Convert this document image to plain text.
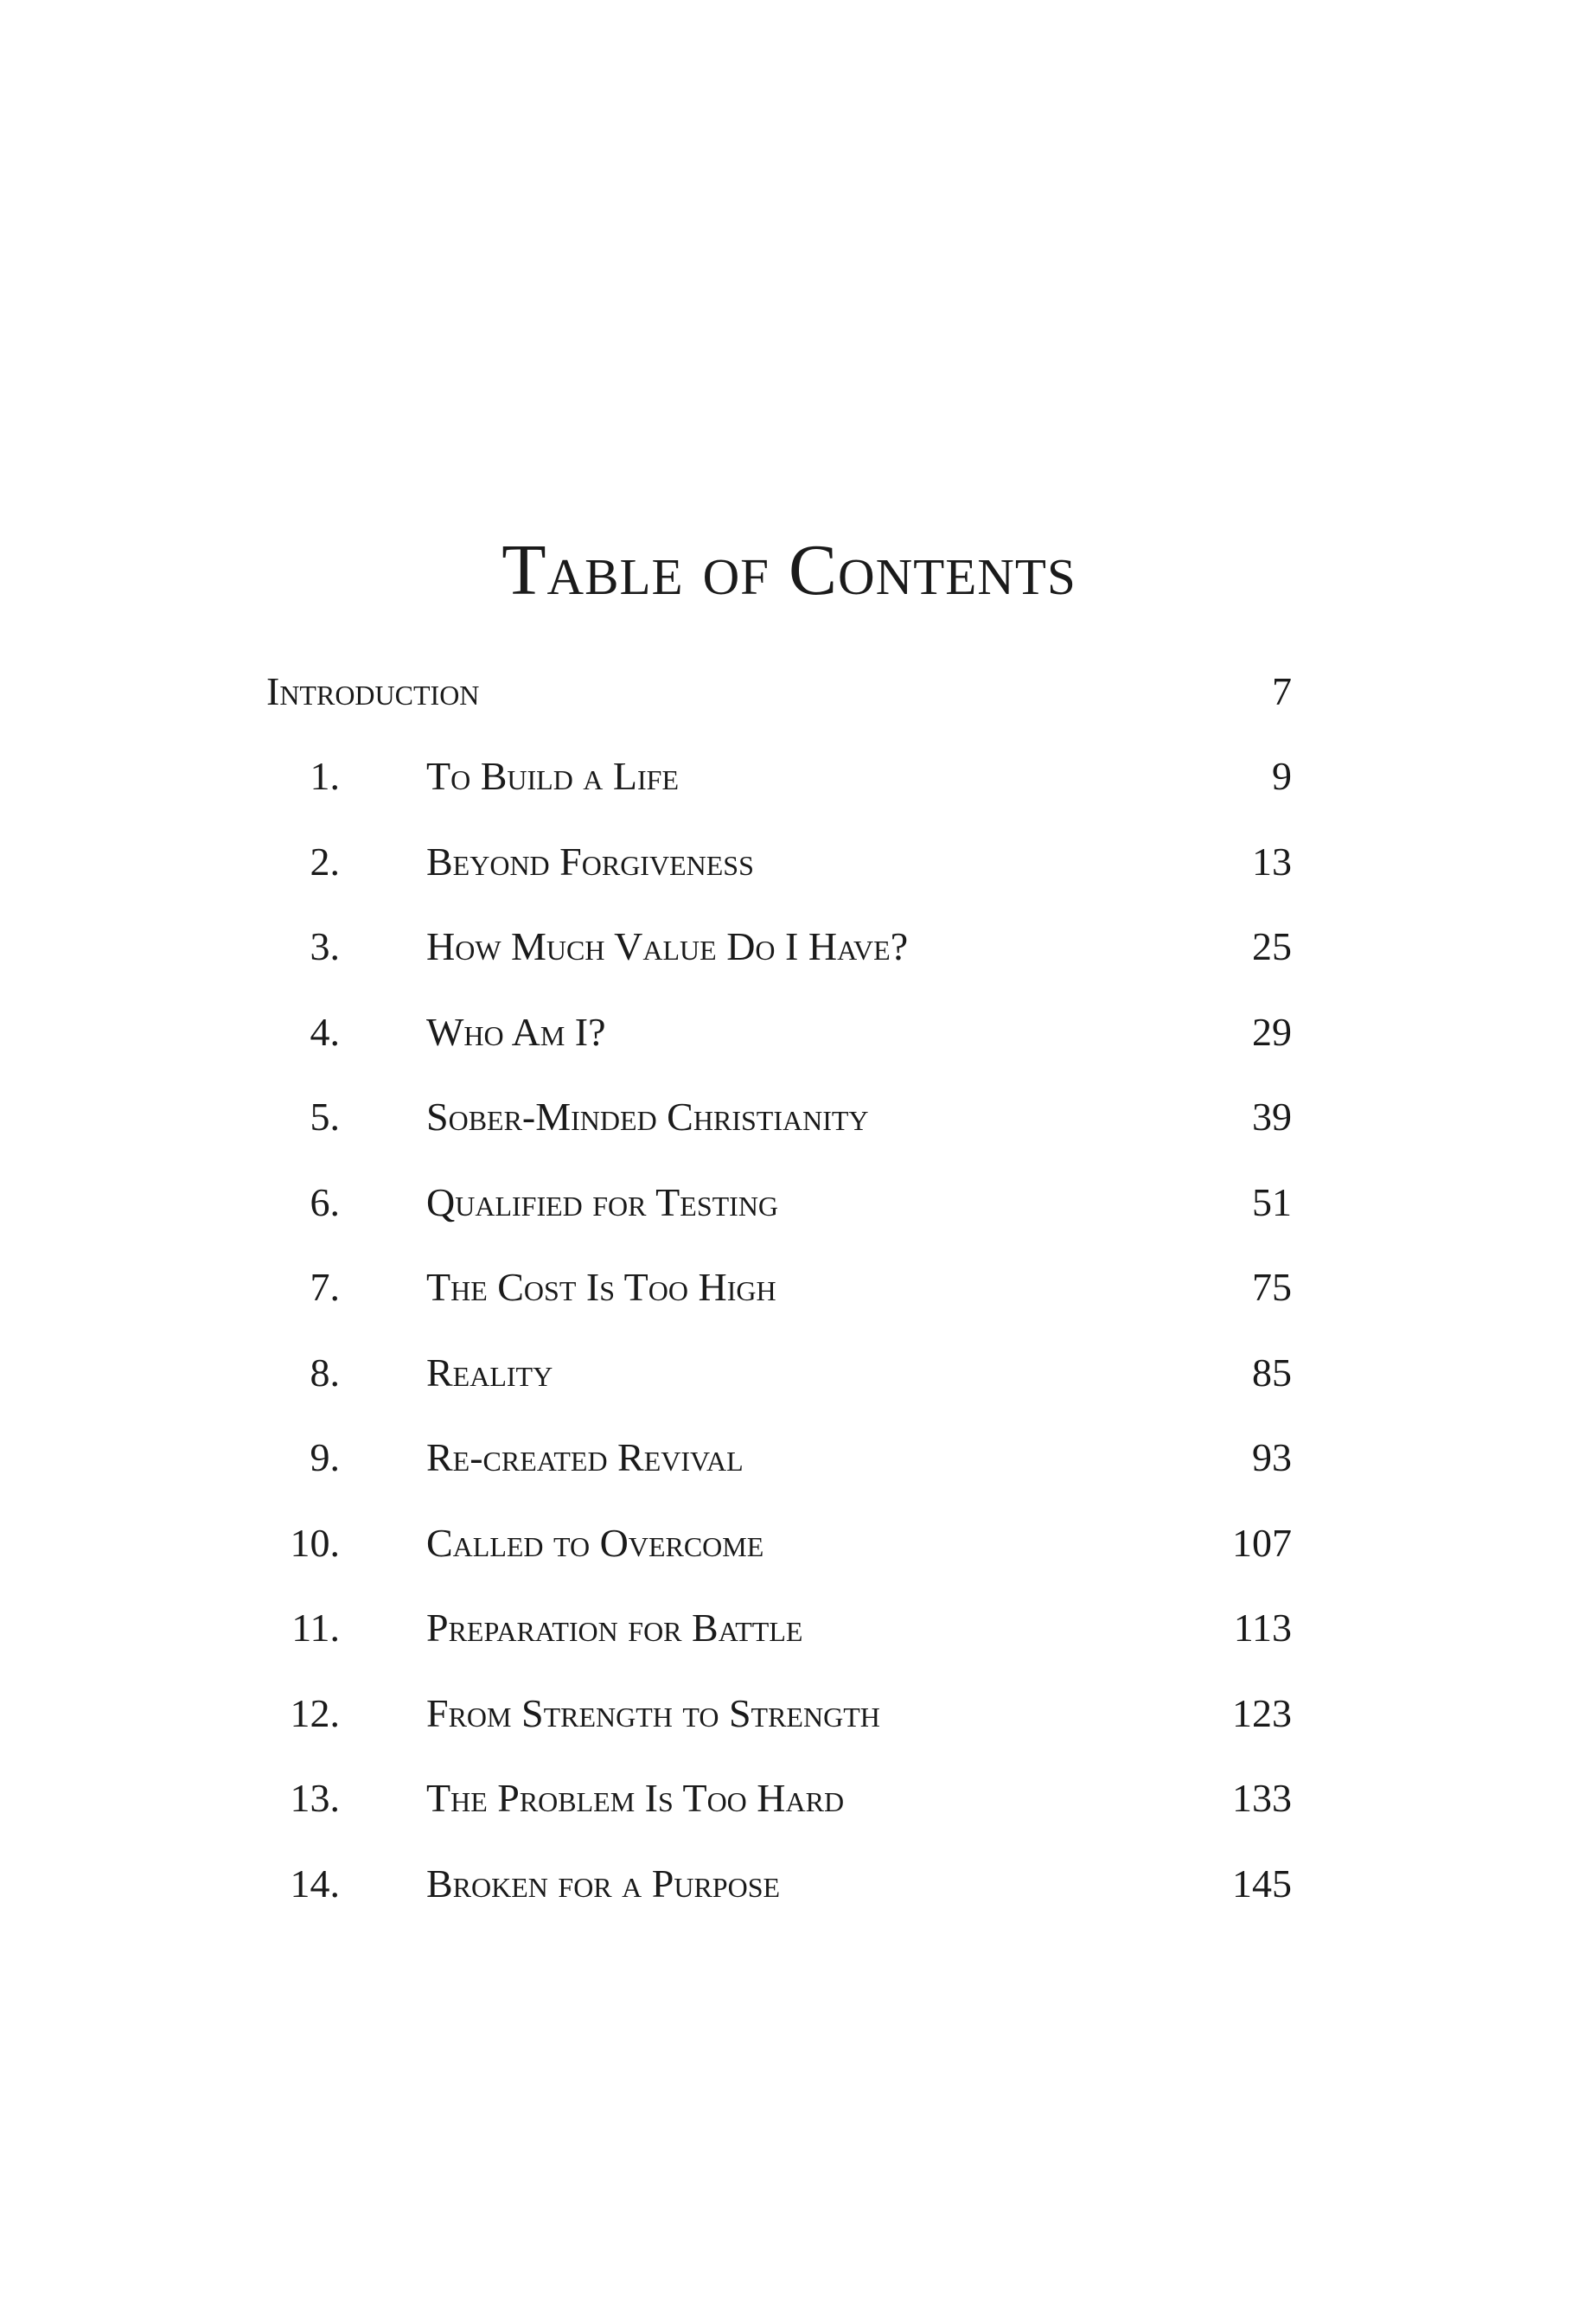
Table of Contents
Introduction	7
1. To Build a Life	9
2. Beyond Forgiveness	13
3. How Much Value Do I Have?	25
4. Who Am I?	29
5. Sober-Minded Christianity	39
6. Qualified for Testing	51
7. The Cost Is Too High	75
8. Reality	85
9. Re-created Revival	93
10. Called to Overcome	107
11. Preparation for Battle	113
12. From Strength to Strength	123
13. The Problem Is Too Hard	133
14. Broken for a Purpose	145
